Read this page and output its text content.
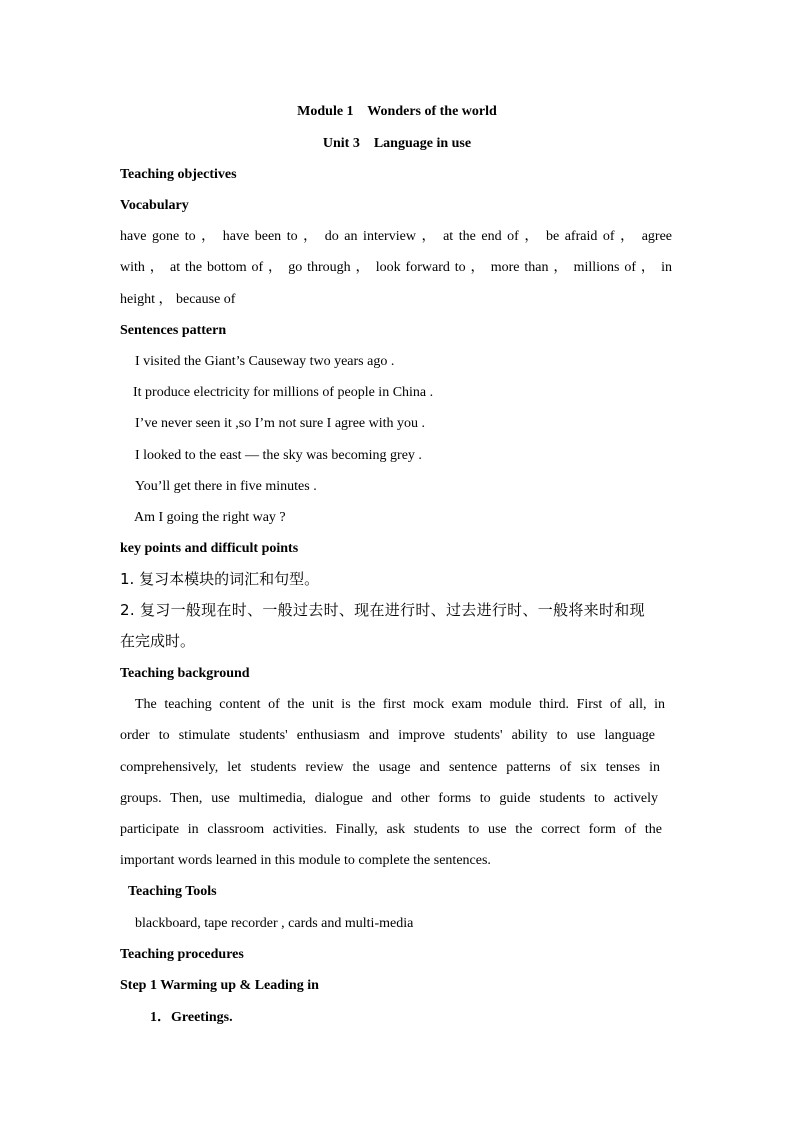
Module 1    Wonders of the world
Unit 3    Language in use
Teaching objectives
Vocabulary
have gone to ， have been to ， do an interview ， at the end of ， be afraid of ， agree
with ， at the bottom of ， go through ， look forward to ， more than ， millions of ， in
height ， because of
Sentences pattern
I visited the Giant’s Causeway two years ago .
It produce electricity for millions of people in China .
I’ve never seen it ,so I’m not sure I agree with you .
I looked to the east — the sky was becoming grey .
You’ll get there in five minutes .
Am I going the right way ?
key points and difficult points
1. 复习本模块的词汇和句型。
2. 复习一般现在时、一般过去时、现在进行时、过去进行时、一般将来时和现
在完成时。
Teaching background
The teaching content of the unit is the first mock exam module third. First of all, in
order to stimulate students' enthusiasm and improve students' ability to use language
comprehensively, let students review the usage and sentence patterns of six tenses in
groups. Then, use multimedia, dialogue and other forms to guide students to actively
participate in classroom activities. Finally, ask students to use the correct form of the
important words learned in this module to complete the sentences.
Teaching Tools
blackboard, tape recorder , cards and multi-media
Teaching procedures
Step 1 Warming up & Leading in
1．Greetings.
